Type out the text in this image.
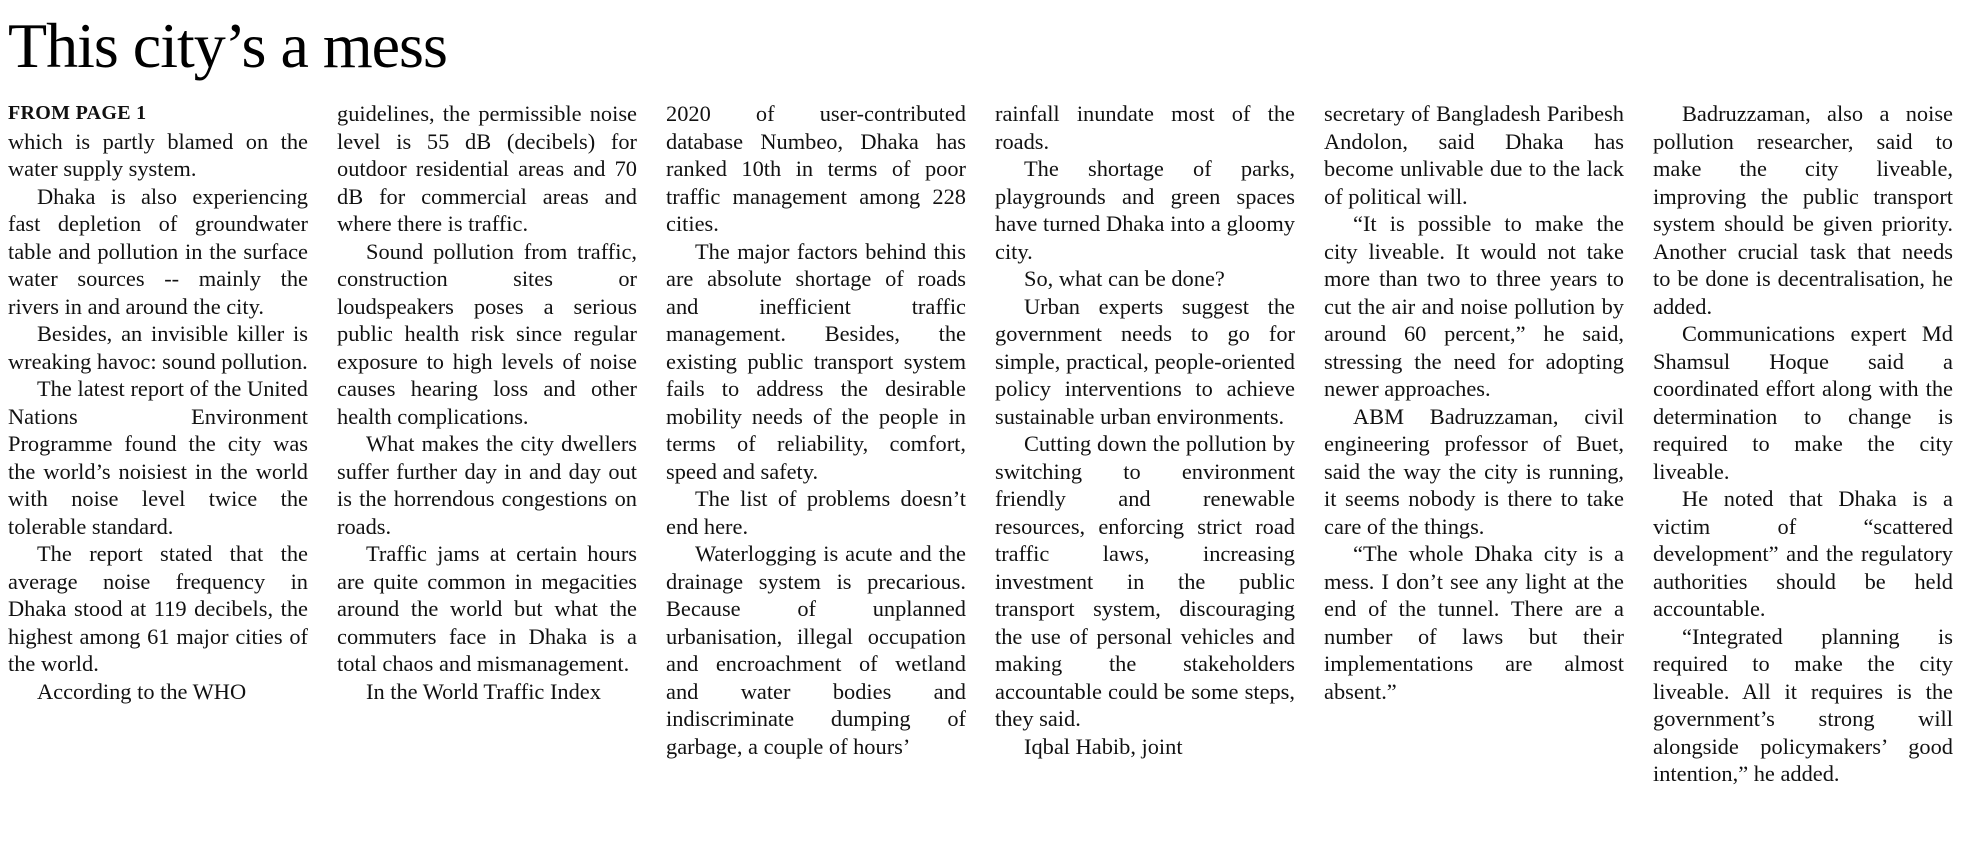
This city’s a mess
FROM PAGE 1

which is partly blamed on the water supply system.

Dhaka is also experiencing fast depletion of groundwater table and pollution in the surface water sources -- mainly the rivers in and around the city.

Besides, an invisible killer is wreaking havoc: sound pollution.

The latest report of the United Nations Environment Programme found the city was the world’s noisiest in the world with noise level twice the tolerable standard.

The report stated that the average noise frequency in Dhaka stood at 119 decibels, the highest among 61 major cities of the world.

According to the WHO

guidelines, the permissible noise level is 55 dB (decibels) for outdoor residential areas and 70 dB for commercial areas and where there is traffic.

Sound pollution from traffic, construction sites or loudspeakers poses a serious public health risk since regular exposure to high levels of noise causes hearing loss and other health complications.

What makes the city dwellers suffer further day in and day out is the horrendous congestions on roads.

Traffic jams at certain hours are quite common in megacities around the world but what the commuters face in Dhaka is a total chaos and mismanagement.

In the World Traffic Index

2020 of user-contributed database Numbeo, Dhaka has ranked 10th in terms of poor traffic management among 228 cities.

The major factors behind this are absolute shortage of roads and inefficient traffic management. Besides, the existing public transport system fails to address the desirable mobility needs of the people in terms of reliability, comfort, speed and safety.

The list of problems doesn’t end here.

Waterlogging is acute and the drainage system is precarious. Because of unplanned urbanisation, illegal occupation and encroachment of wetland and water bodies and indiscriminate dumping of garbage, a couple of hours’

rainfall inundate most of the roads.

The shortage of parks, playgrounds and green spaces have turned Dhaka into a gloomy city.

So, what can be done?

Urban experts suggest the government needs to go for simple, practical, people-oriented policy interventions to achieve sustainable urban environments.

Cutting down the pollution by switching to environment friendly and renewable resources, enforcing strict road traffic laws, increasing investment in the public transport system, discouraging the use of personal vehicles and making the stakeholders accountable could be some steps, they said.

Iqbal Habib, joint

secretary of Bangladesh Paribesh Andolon, said Dhaka has become unlivable due to the lack of political will.

“It is possible to make the city liveable. It would not take more than two to three years to cut the air and noise pollution by around 60 percent,” he said, stressing the need for adopting newer approaches.

ABM Badruzzaman, civil engineering professor of Buet, said the way the city is running, it seems nobody is there to take care of the things.

“The whole Dhaka city is a mess. I don’t see any light at the end of the tunnel. There are a number of laws but their implementations are almost absent.”

Badruzzaman, also a noise pollution researcher, said to make the city liveable, improving the public transport system should be given priority. Another crucial task that needs to be done is decentralisation, he added.

Communications expert Md Shamsul Hoque said a coordinated effort along with the determination to change is required to make the city liveable.

He noted that Dhaka is a victim of “scattered development” and the regulatory authorities should be held accountable.

“Integrated planning is required to make the city liveable. All it requires is the government’s strong will alongside policymakers’ good intention,” he added.
